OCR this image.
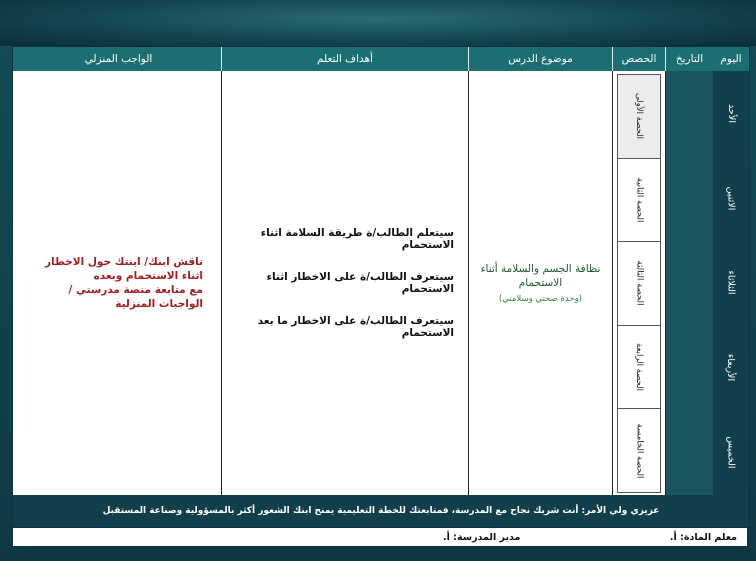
اليوم
التاريخ
الحصص
موضوع الدرس
أهداف التعلم
الواجب المنزلي
الأحد
الاثنين
الثلاثاء
الأربعاء
الخميس
الحصة الأولى
الحصة الثانية
الحصة الثالثة
الحصة الرابعة
الحصة الخامسة
نظافة الجسم والسلامة أثناء الاستحمام
(وحدة صحتي وسلامتي)
سيتعلم الطالب/ة طريقة السلامة اثناء الاستحمام
سيتعرف الطالب/ة على الاخطار اثناء الاستحمام
سيتعرف الطالب/ة على الاخطار ما بعد الاستحمام
ناقش ابنك/ ابنتك حول الاخطار اثناء الاستحمام وبعده
مع متابعة منصة مدرستي / الواجبات المنزلية
عزيزي ولي الأمر: أنت شريك نجاح مع المدرسة، فمتابعتك للخطة التعليمية يمنح ابنك الشعور أكثر بالمسؤولية وصناعة المستقبل
معلم المادة: أ.
مدير المدرسة: أ.
